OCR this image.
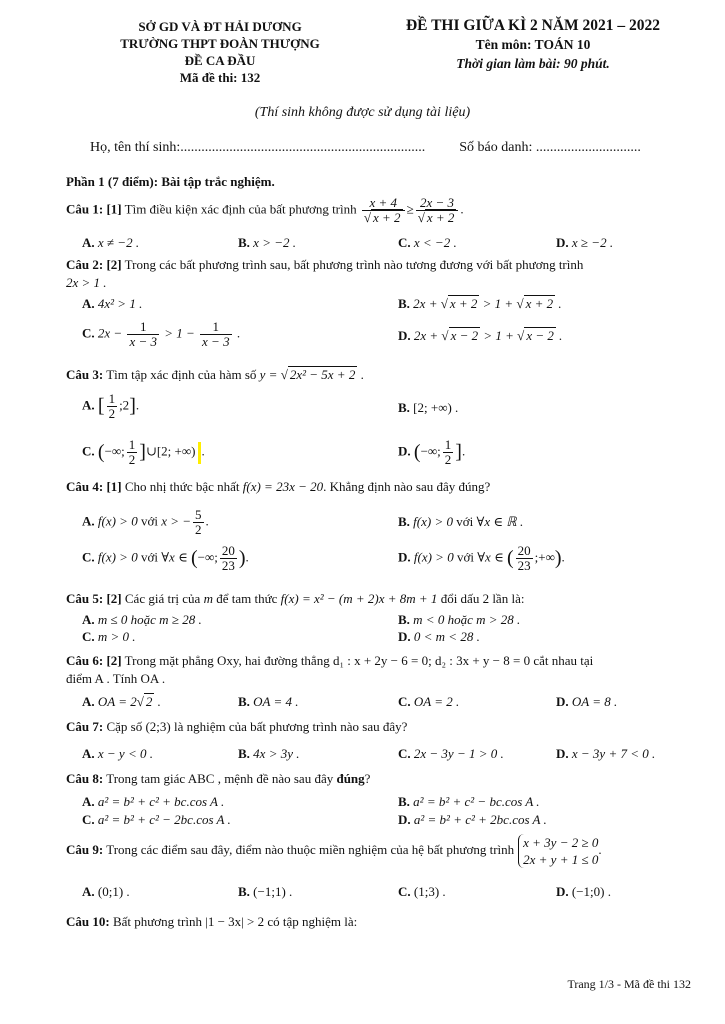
SỞ GD VÀ ĐT HẢI DƯƠNG
TRƯỜNG THPT ĐOÀN THƯỢNG
ĐỀ CA ĐẦU
Mã đề thi: 132
ĐỀ THI GIỮA KÌ 2 NĂM 2021 – 2022
Tên môn: TOÁN 10
Thời gian làm bài: 90 phút.
(Thí sinh không được sử dụng tài liệu)
Họ, tên thí sinh:...................................................................... Số báo danh: ..............................
Phần 1 (7 điểm): Bài tập trắc nghiệm.
Câu 1: [1] Tìm điều kiện xác định của bất phương trình $\frac{x + 4}{√ x + 2} \ge \frac{2x - 3}{√ x + 2}$ .
A. x ≠ −2 .	B. x > −2 .	C. x < −2 .	D. x ≥ −2 .
Câu 2: [2] Trong các bất phương trình sau, bất phương trình nào tương đương với bất phương trình
2x > 1 .
A. 4x² > 1 .	B. 2x + √ x + 2 > 1 + √ x + 2 .
C. $2x - \frac{1}{x - 3} > 1 - \frac{1}{x - 3}$ .	D. 2x + √ x − 2 > 1 + √ x − 2 .
Câu 3: Tìm tập xác định của hàm số y = √ 2x² − 5x + 2 .
A. [ $\frac{1}{2}$ ;2].	B. [2; +∞) .
C. (−∞; $\frac{1}{2}$ ]∪[2; +∞) .	D. (−∞; $\frac{1}{2}$ ].
Câu 4: [1] Cho nhị thức bậc nhất f(x) = 23x − 20. Khẳng định nào sau đây đúng?
A. f(x) > 0 với x > − $\frac{5}{2}$ .	B. f(x) > 0 với ∀x ∈ ℝ .
C. f(x) > 0 với ∀x ∈ (−∞; $\frac{20}{23}$ ).	D. f(x) > 0 với ∀x ∈ ( $\frac{20}{23}$ ;+∞).
Câu 5: [2] Các giá trị của m để tam thức f(x) = x² − (m + 2)x + 8m + 1 đổi dấu 2 lần là:
A. m ≤ 0 hoặc m ≥ 28 .	B. m < 0 hoặc m > 28 .
C. m > 0 .	D. 0 < m < 28 .
Câu 6: [2] Trong mặt phẳng Oxy, hai đường thẳng d₁ : x + 2y − 6 = 0; d₂ : 3x + y − 8 = 0 cắt nhau tại
điểm A . Tính OA .
A. OA = 2√ 2 .	B. OA = 4 .	C. OA = 2 .	D. OA = 8 .
Câu 7: Cặp số (2;3) là nghiệm của bất phương trình nào sau đây?
A. x − y < 0 .	B. 4x > 3y .	C. 2x − 3y − 1 > 0 .	D. x − 3y + 7 < 0 .
Câu 8: Trong tam giác ABC , mệnh đề nào sau đây đúng?
A. a² = b² + c² + bc.cos A .	B. a² = b² + c² − bc.cos A .
C. a² = b² + c² − 2bc.cos A .	D. a² = b² + c² + 2bc.cos A .
Câu 9: Trong các điểm sau đây, điểm nào thuộc miền nghiệm của hệ bất phương trình x + 3y − 2 ≥ 0
2x + y + 1 ≤ 0.
A. (0;1) .	B. (−1;1) .	C. (1;3) .	D. (−1;0) .
Câu 10: Bất phương trình |1 − 3x| > 2 có tập nghiệm là:
Trang 1/3 - Mã đề thi 132
